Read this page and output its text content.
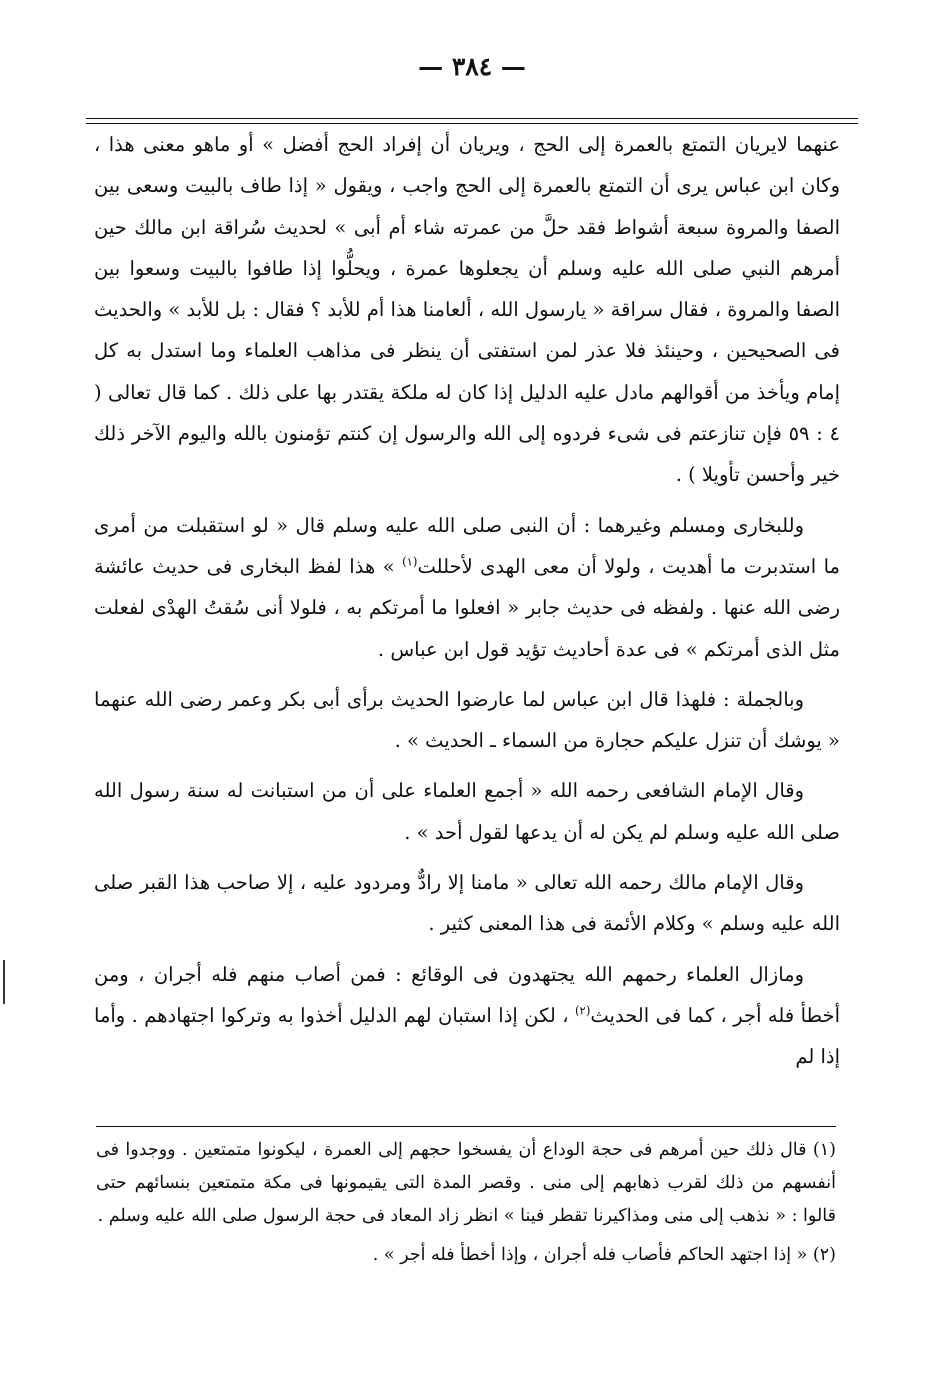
— ٣٨٤ —

عنهما لايريان التمتع بالعمرة إلى الحج ، ويريان أن إفراد الحج أفضل » أو ماهو معنى هذا ، وكان ابن عباس يرى أن التمتع بالعمرة إلى الحج واجب ، ويقول « إذا طاف بالبيت وسعى بين الصفا والمروة سبعة أشواط فقد حلَّ من عمرته شاء أم أبى » لحديث سُراقة ابن مالك حين أمرهم النبي صلى الله عليه وسلم أن يجعلوها عمرة ، ويحلُّوا إذا طافوا بالبيت وسعوا بين الصفا والمروة ، فقال سراقة « يارسول الله ، ألعامنا هذا أم للأبد ؟ فقال : بل للأبد » والحديث فى الصحيحين ، وحينئذ فلا عذر لمن استفتى أن ينظر فى مذاهب العلماء وما استدل به كل إمام ويأخذ من أقوالهم مادل عليه الدليل إذا كان له ملكة يقتدر بها على ذلك . كما قال تعالى ( ٤ : ٥٩ فإن تنازعتم فى شىء فردوه إلى الله والرسول إن كنتم تؤمنون بالله واليوم الآخر ذلك خير وأحسن تأويلا ) .

وللبخارى ومسلم وغيرهما : أن النبى صلى الله عليه وسلم قال « لو استقبلت من أمرى ما استدبرت ما أهديت ، ولولا أن معى الهدى لأحللت$^{(١)}$ » هذا لفظ البخارى فى حديث عائشة رضى الله عنها . ولفظه فى حديث جابر « افعلوا ما أمرتكم به ، فلولا أنى سُقتُ الهدْى لفعلت مثل الذى أمرتكم » فى عدة أحاديث تؤيد قول ابن عباس .

وبالجملة : فلهذا قال ابن عباس لما عارضوا الحديث برأى أبى بكر وعمر رضى الله عنهما « يوشك أن تنزل عليكم حجارة من السماء ـ الحديث » .

وقال الإمام الشافعى رحمه الله « أجمع العلماء على أن من استبانت له سنة رسول الله صلى الله عليه وسلم لم يكن له أن يدعها لقول أحد » .

وقال الإمام مالك رحمه الله تعالى « مامنا إلا رادٌّ ومردود عليه ، إلا صاحب هذا القبر صلى الله عليه وسلم » وكلام الأئمة فى هذا المعنى كثير .

ومازال العلماء رحمهم الله يجتهدون فى الوقائع : فمن أصاب منهم فله أجران ، ومن أخطأ فله أجر ، كما فى الحديث$^{(٢)}$ ، لكن إذا استبان لهم الدليل أخذوا به وتركوا اجتهادهم . وأما إذا لم

(١) قال ذلك حين أمرهم فى حجة الوداع أن يفسخوا حجهم إلى العمرة ، ليكونوا متمتعين . ووجدوا فى أنفسهم من ذلك لقرب ذهابهم إلى منى . وقصر المدة التى يقيمونها فى مكة متمتعين بنسائهم حتى قالوا : « نذهب إلى منى ومذاكيرنا تقطر فينا » انظر زاد المعاد فى حجة الرسول صلى الله عليه وسلم .

(٢) « إذا اجتهد الحاكم فأصاب فله أجران ، وإذا أخطأ فله أجر » .
